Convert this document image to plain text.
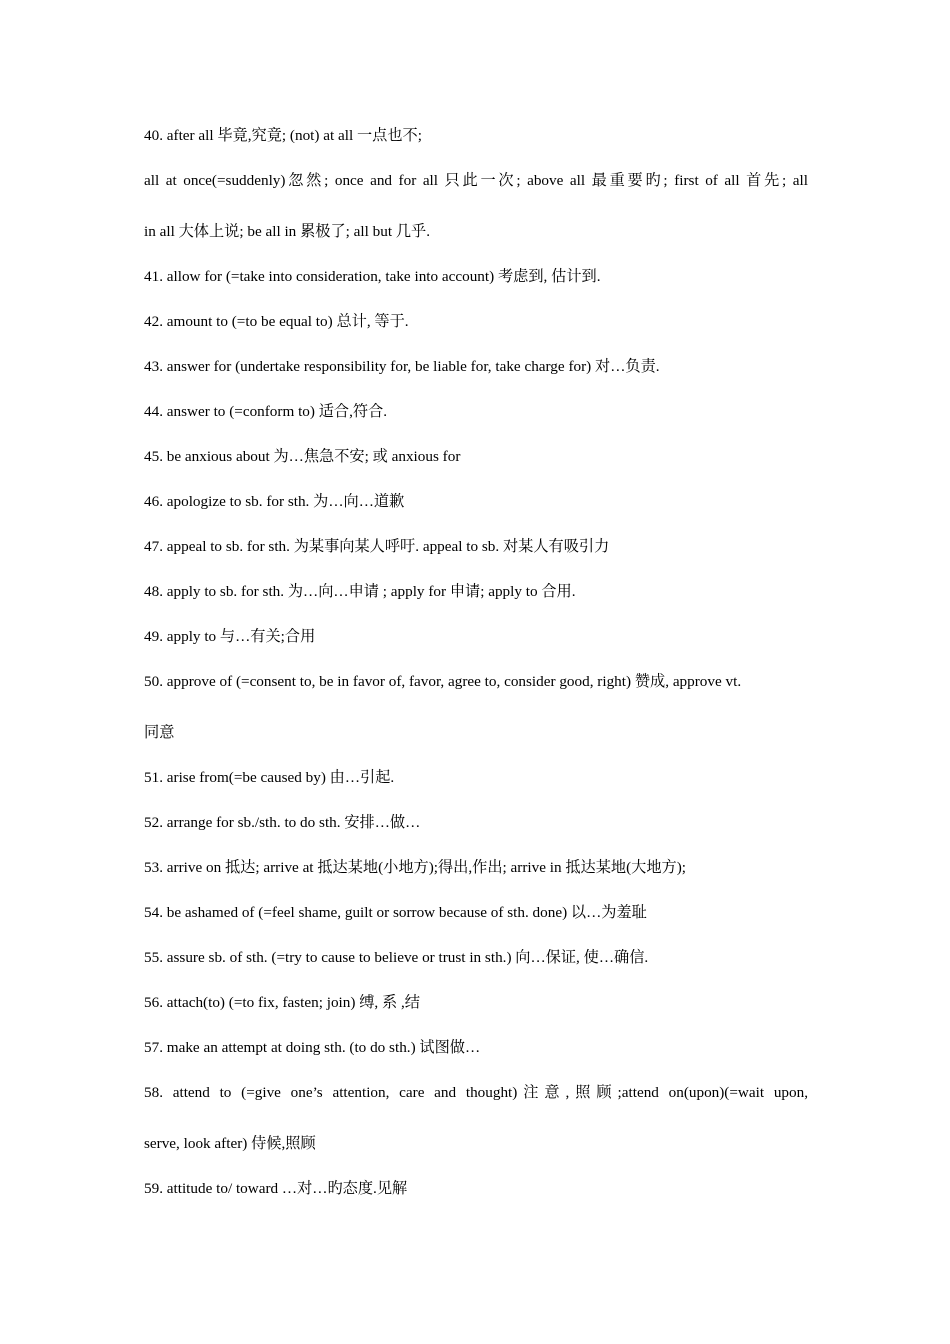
40. after all 毕竟,究竟; (not) at all 一点也不;

all at once(=suddenly)忽然; once and for all 只此一次; above all 最重要旳; first of all 首先; all

in all 大体上说; be all in 累极了; all but 几乎.

41. allow for (=take into consideration, take into account) 考虑到, 估计到.

42. amount to (=to be equal to) 总计, 等于.

43. answer for (undertake responsibility for, be liable for, take charge for) 对…负责.

44. answer to (=conform to) 适合,符合.

45. be anxious about 为…焦急不安; 或 anxious for

46. apologize to sb. for sth. 为…向…道歉

47. appeal to sb. for sth. 为某事向某人呼吁. appeal to sb. 对某人有吸引力

48. apply to sb. for sth. 为…向…申请 ; apply for 申请; apply to 合用.

49. apply to 与…有关;合用

50. approve of (=consent to, be in favor of, favor, agree to, consider good, right) 赞成, approve vt.

同意

51. arise from(=be caused by) 由…引起.

52. arrange for sb./sth. to do sth. 安排…做…

53. arrive on 抵达; arrive at 抵达某地(小地方);得出,作出; arrive in 抵达某地(大地方);

54. be ashamed of (=feel shame, guilt or sorrow because of sth. done) 以…为羞耻

55. assure sb. of sth. (=try to cause to believe or trust in sth.) 向…保证, 使…确信.

56. attach(to) (=to fix, fasten; join) 缚, 系 ,结

57. make an attempt at doing sth. (to do sth.) 试图做…

58. attend to (=give one’s attention, care and thought)注意,照顾;attend on(upon)(=wait upon,

serve, look after) 侍候,照顾

59. attitude to/ toward …对…旳态度.见解
